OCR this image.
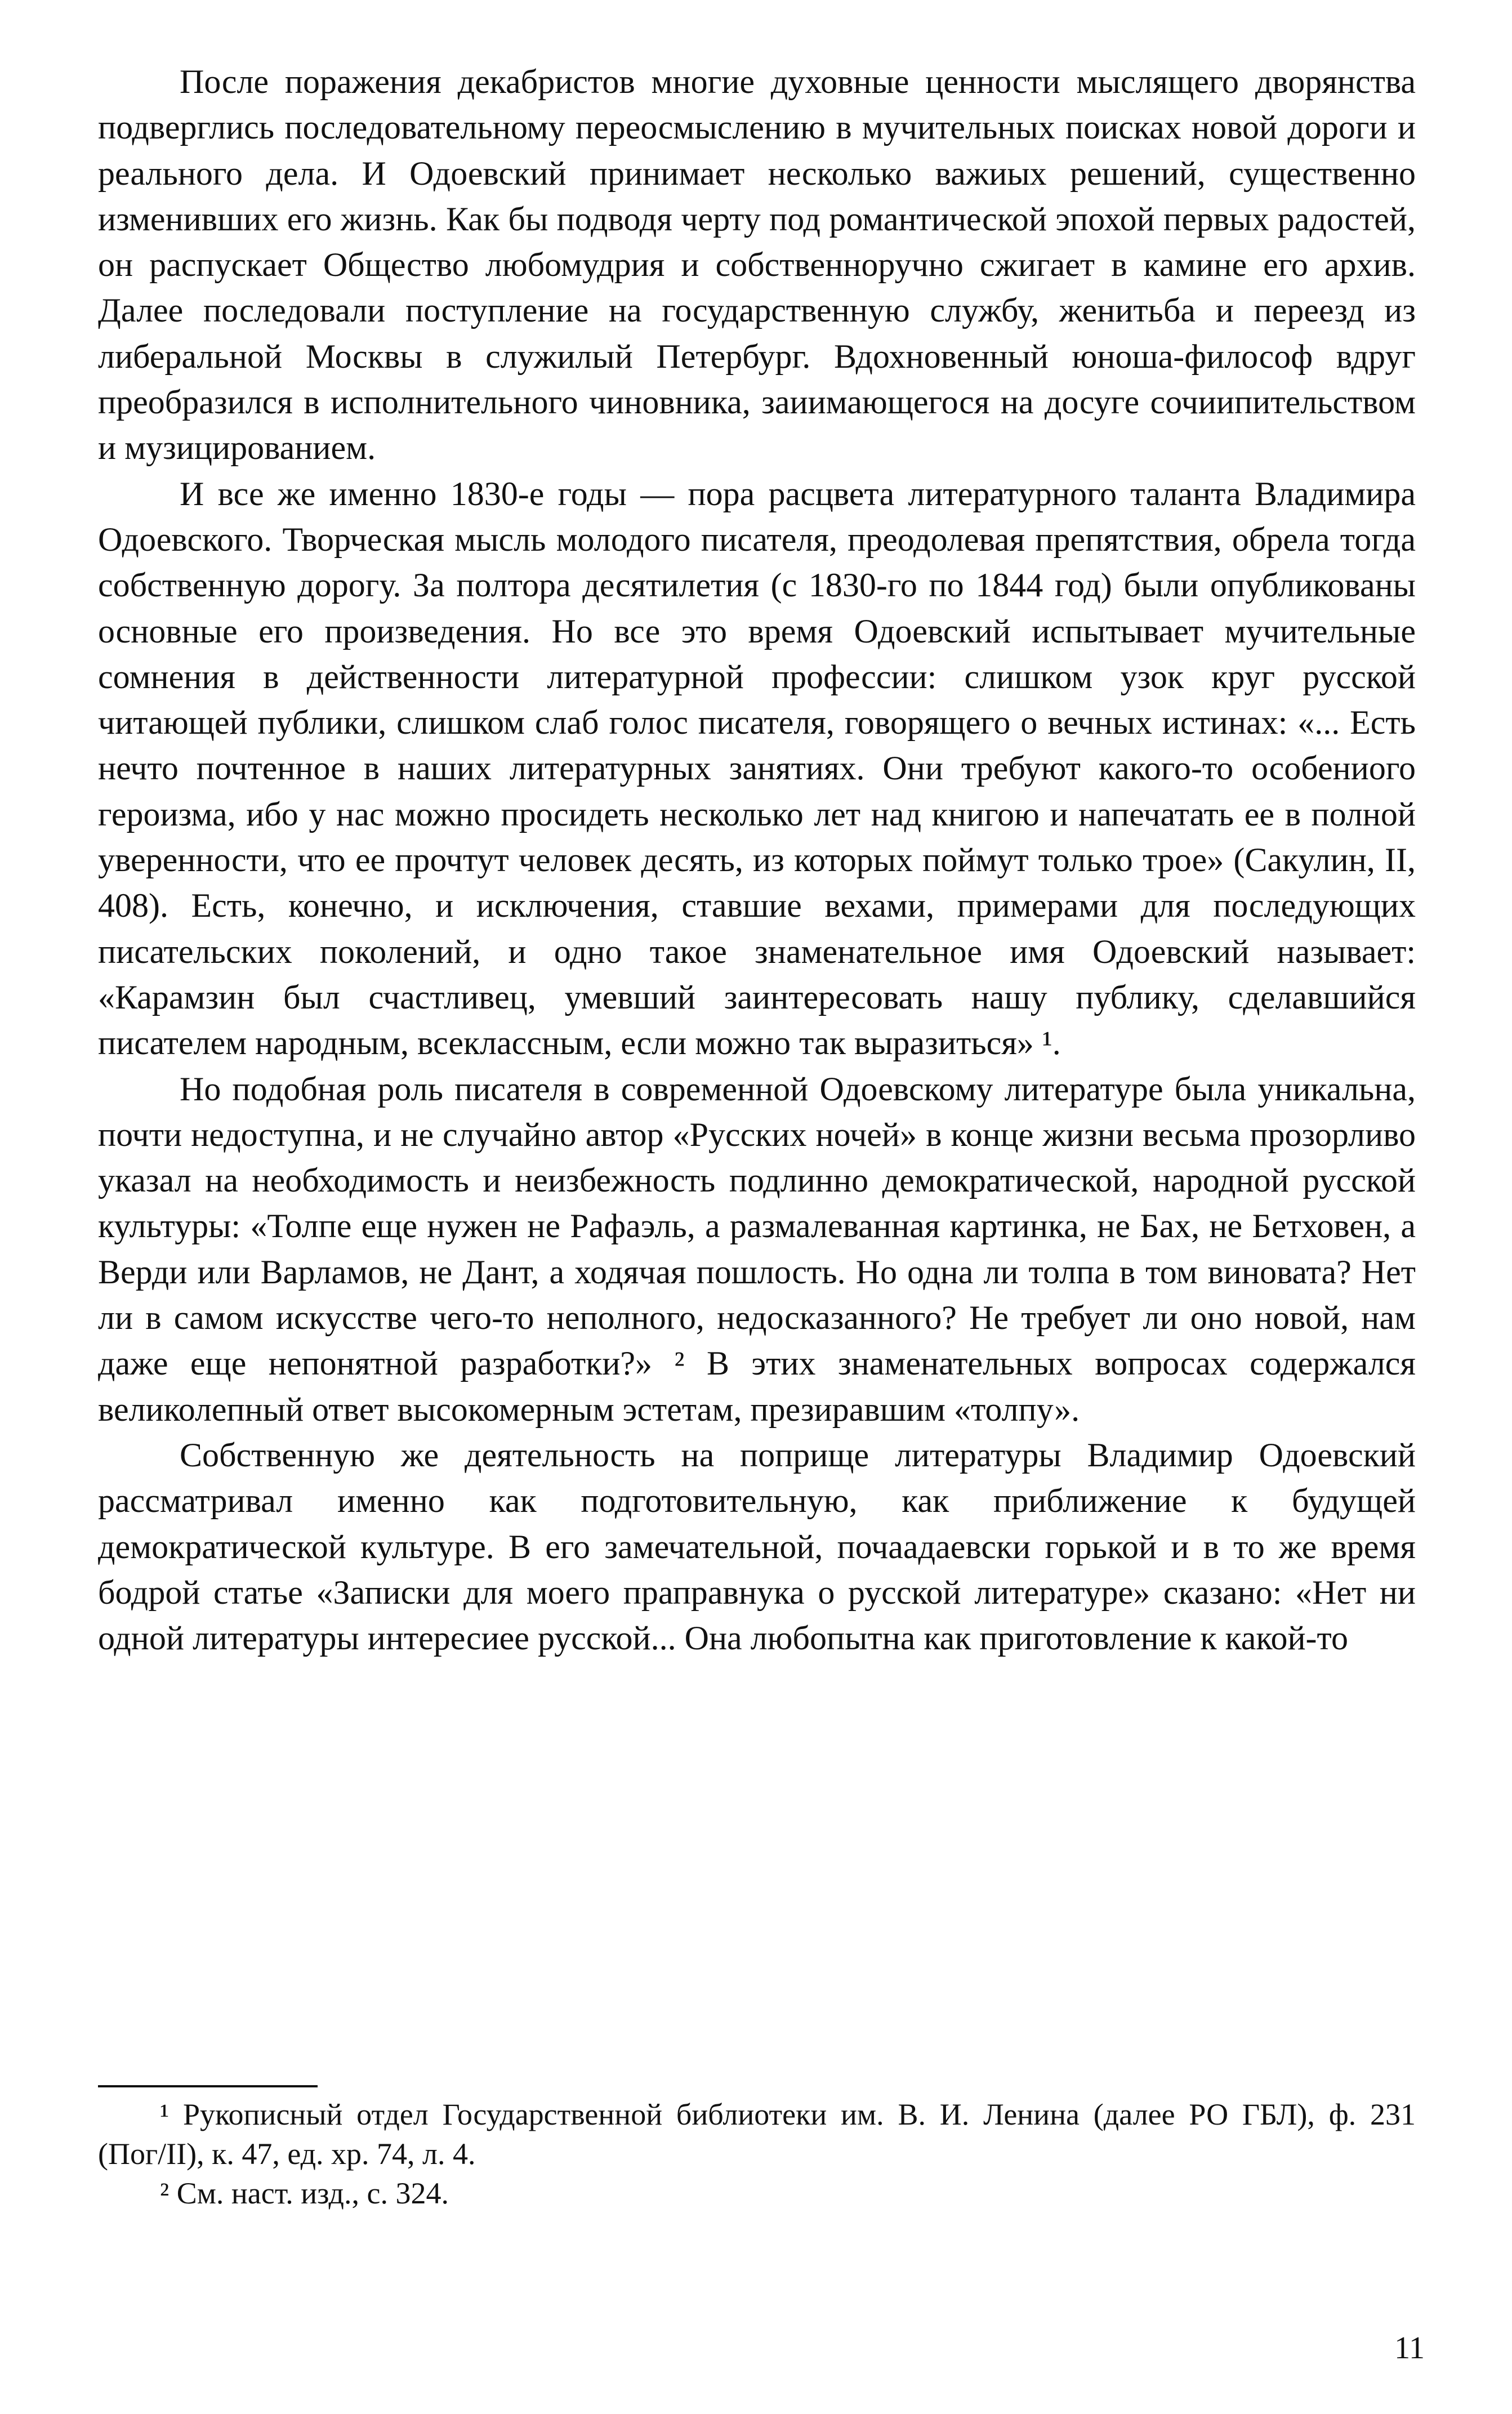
После поражения декабристов многие духовные ценности мыслящего дворянства подверглись последовательному переосмыслению в мучительных поисках новой дороги и реального дела. И Одоевский принимает несколько важиых решений, существенно изменивших его жизнь. Как бы подводя черту под романтической эпохой первых радостей, он распускает Общество любомудрия и собственноручно сжигает в камине его архив. Далее последовали поступление на государственную службу, женитьба и переезд из либеральной Москвы в служилый Петербург. Вдохновенный юноша-философ вдруг преобразился в исполнительного чиновника, заиимающегося на досуге сочиипительством и музицированием.

И все же именно 1830-е годы — пора расцвета литературного таланта Владимира Одоевского. Творческая мысль молодого писателя, преодолевая препятствия, обрела тогда собственную дорогу. За полтора десятилетия (с 1830-го по 1844 год) были опубликованы основные его произведения. Но все это время Одоевский испытывает мучительные сомнения в действенности литературной профессии: слишком узок круг русской читающей публики, слишком слаб голос писателя, говорящего о вечных истинах: «... Есть нечто почтенное в наших литературных занятиях. Они требуют какого-то особениого героизма, ибо у нас можно просидеть несколько лет над книгою и напечатать ее в полной уверенности, что ее прочтут человек десять, из которых поймут только трое» (Сакулин, II, 408). Есть, конечно, и исключения, ставшие вехами, примерами для последующих писательских поколений, и одно такое знаменательное имя Одоевский называет: «Карамзин был счастливец, умевший заинтересовать нашу публику, сделавшийся писателем народным, всеклассным, если можно так выразиться» ¹.

Но подобная роль писателя в современной Одоевскому литературе была уникальна, почти недоступна, и не случайно автор «Русских ночей» в конце жизни весьма прозорливо указал на необходимость и неизбежность подлинно демократической, народной русской культуры: «Толпе еще нужен не Рафаэль, а размалеванная картинка, не Бах, не Бетховен, а Верди или Варламов, не Дант, а ходячая пошлость. Но одна ли толпа в том виновата? Нет ли в самом искусстве чего-то неполного, недосказанного? Не требует ли оно новой, нам даже еще непонятной разработки?» ² В этих знаменательных вопросах содержался великолепный ответ высокомерным эстетам, презиравшим «толпу».

Собственную же деятельность на поприще литературы Владимир Одоевский рассматривал именно как подготовительную, как приближение к будущей демократической культуре. В его замечательной, почаадаевски горькой и в то же время бодрой статье «Записки для моего праправнука о русской литературе» сказано: «Нет ни одной литературы интересиее русской... Она любопытна как приготовление к какой-то

¹ Рукописный отдел Государственной библиотеки им. В. И. Ленина (далее РО ГБЛ), ф. 231 (Пог/II), к. 47, ед. хр. 74, л. 4.

² См. наст. изд., с. 324.

11
